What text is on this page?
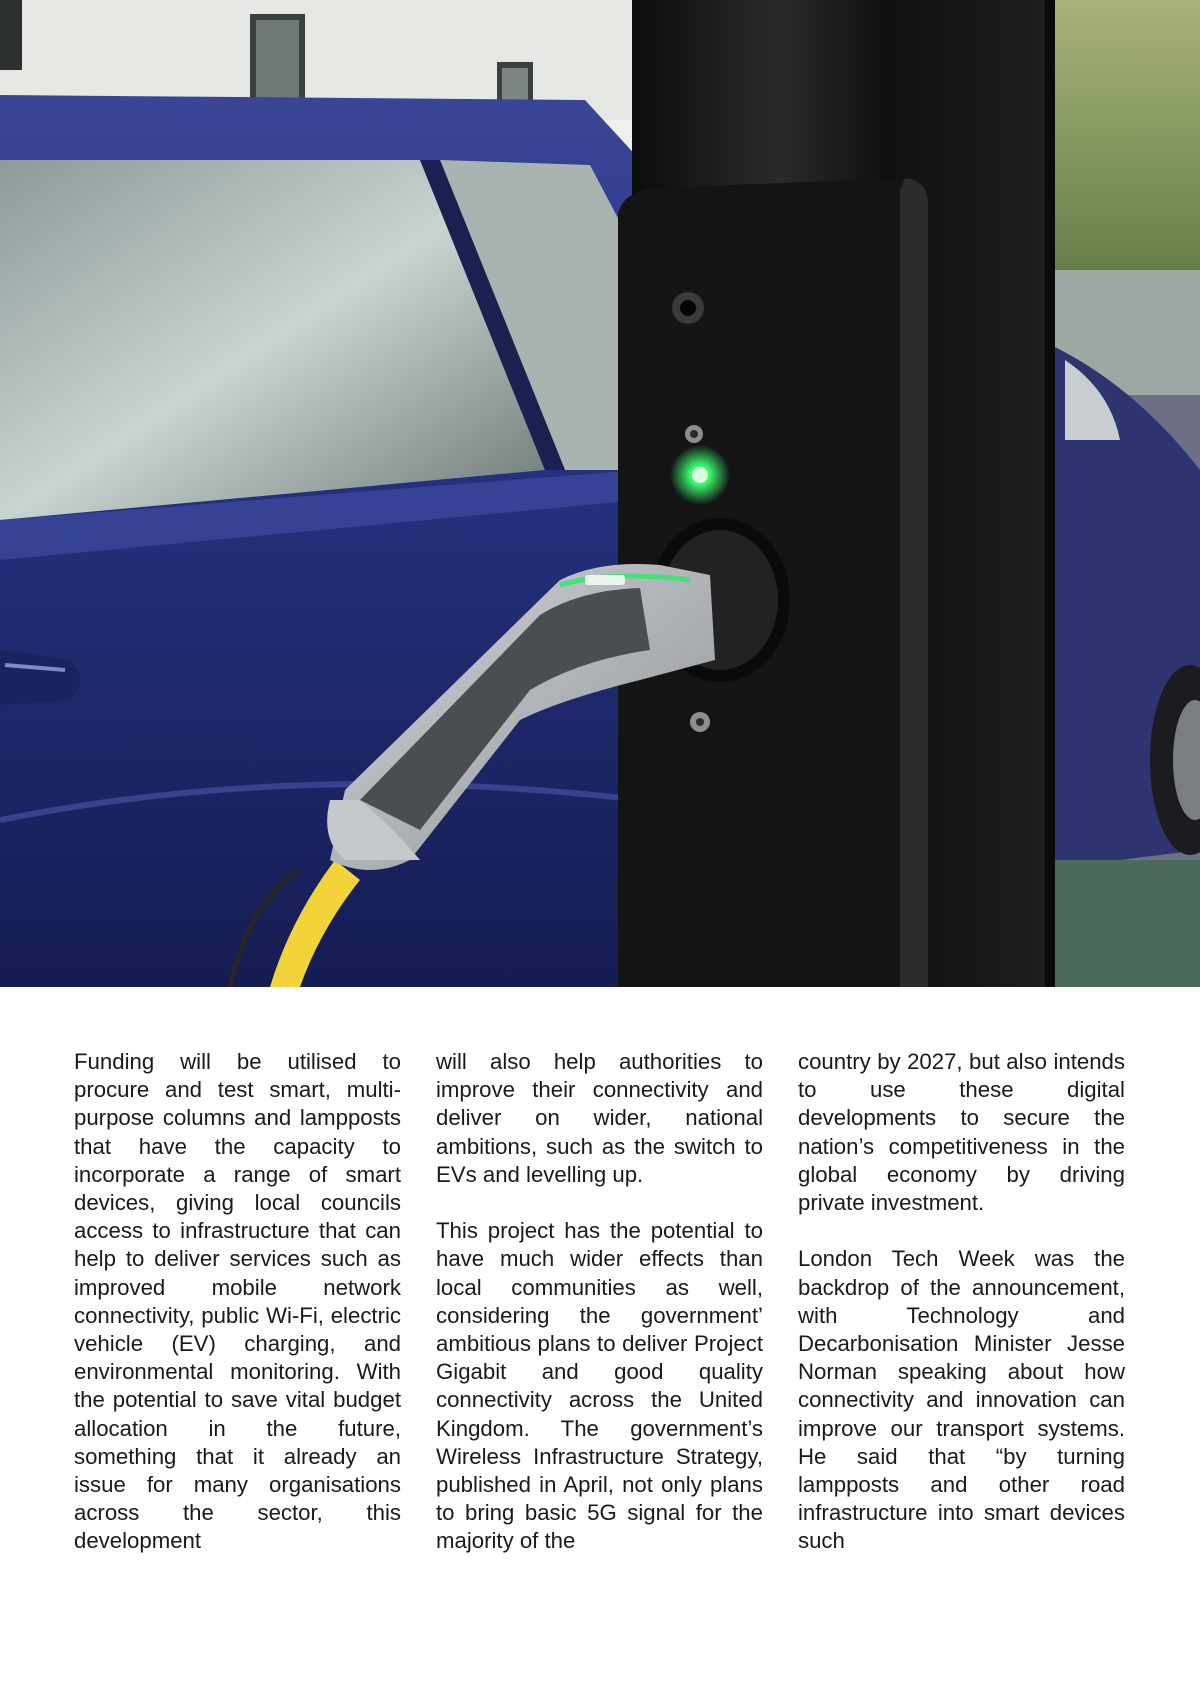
Funding will be utilised to procure and test smart, multi-purpose columns and lampposts that have the capacity to incorporate a range of smart devices, giving local councils access to infrastructure that can help to deliver services such as improved mobile network connectivity, public Wi-Fi, electric vehicle (EV) charging, and environmental monitoring. With the potential to save vital budget allocation in the future, something that it already an issue for many organisations across the sector, this development

will also help authorities to improve their connectivity and deliver on wider, national ambitions, such as the switch to EVs and levelling up.

This project has the potential to have much wider effects than local communities as well, considering the government’ ambitious plans to deliver Project Gigabit and good quality connectivity across the United Kingdom. The government’s Wireless Infrastructure Strategy, published in April, not only plans to bring basic 5G signal for the majority of the

country by 2027, but also intends to use these digital developments to secure the nation’s competitiveness in the global economy by driving private investment.

London Tech Week was the backdrop of the announcement, with Technology and Decarbonisation Minister Jesse Norman speaking about how connectivity and innovation can improve our transport systems. He said that “by turning lampposts and other road infrastructure into smart devices such
